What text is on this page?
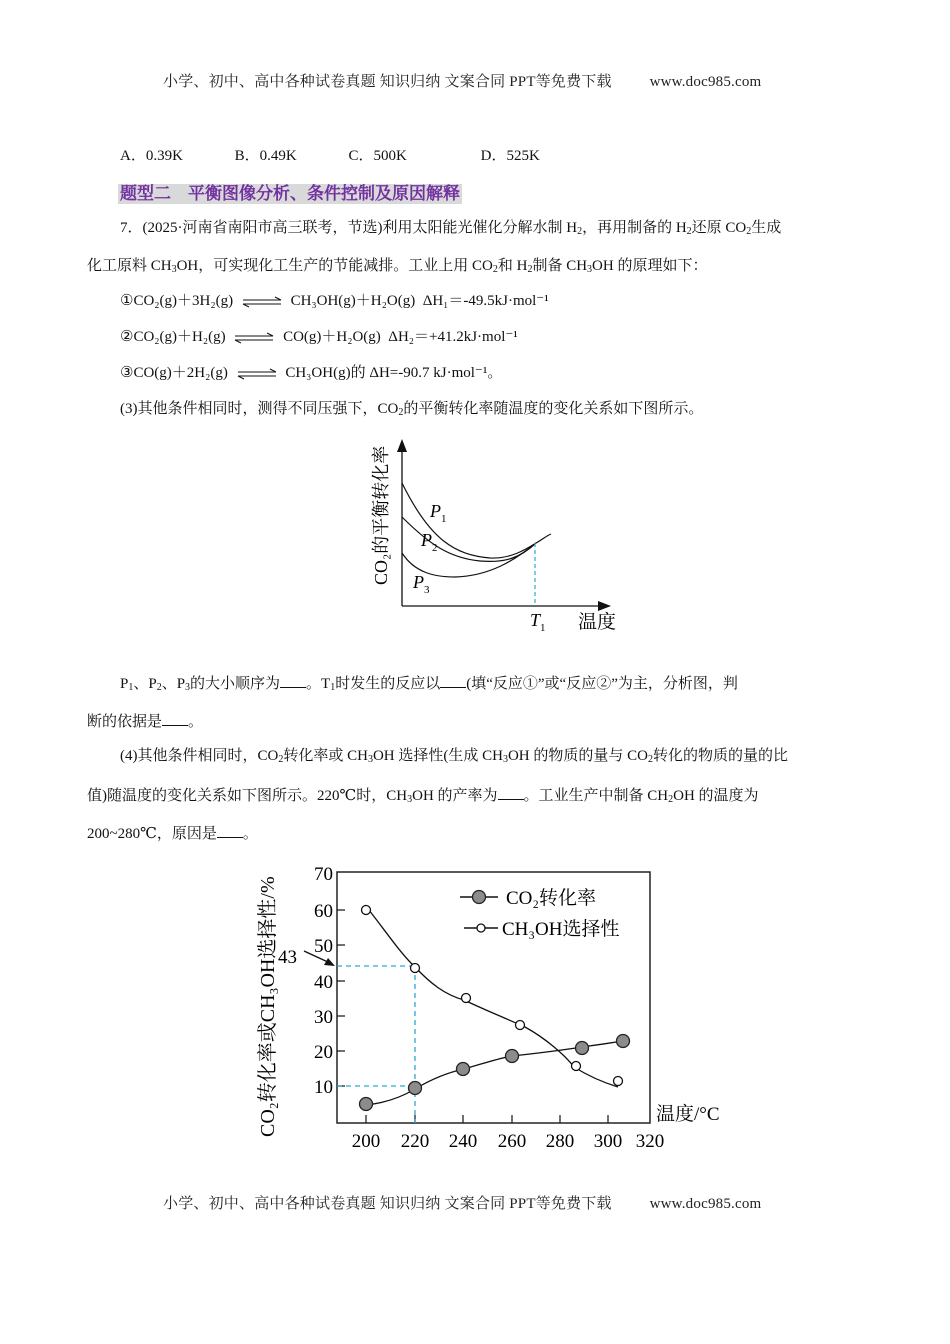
小学、初中、高中各种试卷真题 知识归纳 文案合同 PPT等免费下载	www.doc985.com
A．0.39K	B．0.49K	C．500K	D．525K
题型二　平衡图像分析、条件控制及原因解释
7．(2025·河南省南阳市高三联考，节选)利用太阳能光催化分解水制 $H_2$，再用制备的 $H_2$还原 $CO_2$生成
化工原料 $CH_3OH$，可实现化工生产的节能减排。工业上用 $CO_2$和 $H_2$制备 $CH_3OH$ 的原理如下：
①CO₂(g)＋3H₂(g) ⇌ CH₃OH(g)＋H₂O(g) ΔH₁＝-49.5kJ·mol⁻¹
②CO₂(g)＋H₂(g) ⇌ CO(g)＋H₂O(g) ΔH₂＝+41.2kJ·mol⁻¹
③CO(g)＋2H₂(g) ⇌ CH₃OH(g)的 ΔH=-90.7 kJ·mol⁻¹。
(3)其他条件相同时，测得不同压强下，$CO_2$的平衡转化率随温度的变化关系如下图所示。
$P_1$
$P_2$
$P_3$
$T_1$ 温度
CO₂的平衡转化率
$P_1$、$P_2$、$P_3$的大小顺序为 。$T_1$时发生的反应以 (填“反应①”或“反应②”为主，分析图，判
断的依据是 。
(4)其他条件相同时，$CO_2$转化率或 $CH_3OH$ 选择性(生成 $CH_3OH$ 的物质的量与 $CO_2$转化的物质的量的比
值)随温度的变化关系如下图所示。220℃时，$CH_3OH$ 的产率为 。工业生产中制备 $CH_2OH$ 的温度为
200~280℃，原因是 。
70
60
50
40
30
20
10
200 220 240 260 280 300 320
43
CO₂转化率
CH₃OH选择性
温度/°C
CO₂转化率或CH₃OH选择性/%
小学、初中、高中各种试卷真题 知识归纳 文案合同 PPT等免费下载	www.doc985.com
